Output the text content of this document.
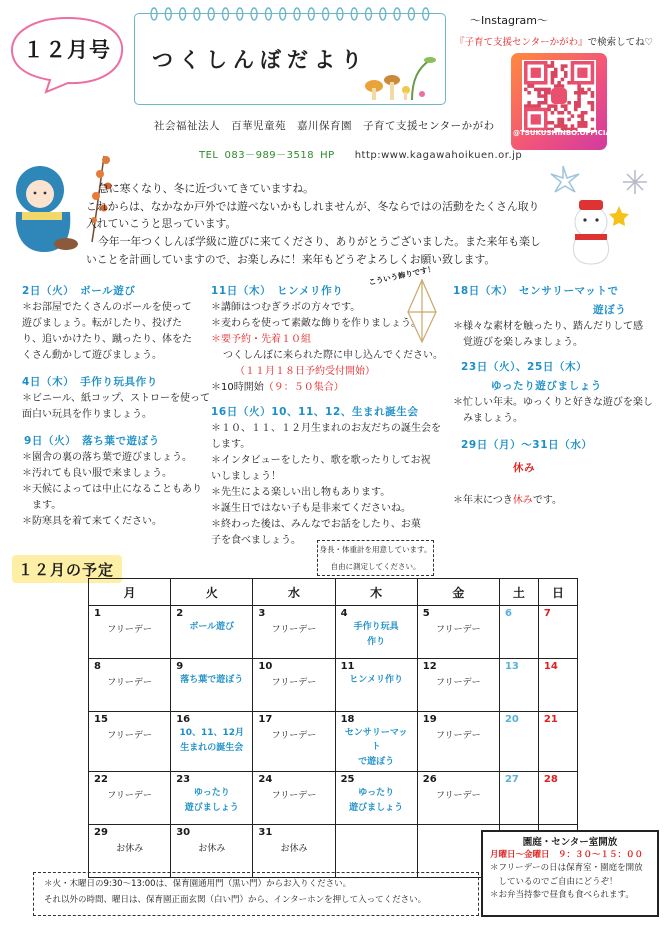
１２月号 つくしんぼだより
～Instagram～
『子育て支援センターかがわ』で検索してね♡
@TSUKUSHINBO.OFFICIAL
社会福祉法人　百華児童苑　嘉川保育園　子育て支援センターかがわ
TEL 083－989－3518 HP http:www.kagawahoikuen.or.jp

急に寒くなり、冬に近づいてきていますね。

これからは、なかなか戸外では遊べないかもしれませんが、冬ならではの活動をたくさん取り

入れていこうと思っています。

今年一年つくしんぼ学級に遊びに来てくださり、ありがとうございました。また来年も楽し

いことを計画していますので、お楽しみに！来年もどうぞよろしくお願い致します。

2日（火）　ボール遊び
＊お部屋でたくさんのボールを使って
遊びましょう。転がしたり、投げた
り、追いかけたり、蹴ったり、体をた
くさん動かして遊びましょう。
4日（木）　手作り玩具作り
＊ビニール、紙コップ、ストローを使って
面白い玩具を作りましょう。
9日（火）　落ち葉で遊ぼう
＊園舎の裏の落ち葉で遊びましょう。
＊汚れても良い服で来ましょう。
＊天候によっては中止になることもあり
　ます。
＊防寒具を着て来てください。
11日（木）　ヒンメリ作り
＊講師はつむぎラボの方々です。
＊麦わらを使って素敵な飾りを作りましょう。
＊要予約・先着１０組
つくしんぼに来られた際に申し込んでください。
（１１月１８日予約受付開始）
＊10時開始（９：５０集合）
16日（火）10、11、12、生まれ誕生会
＊１０、１１、１２月生まれのお友だちの誕生会を
します。
＊インタビューをしたり、歌を歌ったりしてお祝
いしましょう！
＊先生による楽しい出し物もあります。
＊誕生日ではない子も是非来てくださいね。
＊終わった後は、みんなでお話をしたり、お菓
子を食べましょう。
こういう飾りです！
18日（木）　センサリーマットで
遊ぼう
＊様々な素材を触ったり、踏んだりして感
覚遊びを楽しみましょう。
23日（火）、25日（木）
ゆったり遊びましょう
＊忙しい年末。ゆっくりと好きな遊びを楽し
みましょう。
29日（月）～31日（水）
休み
＊年末につき休みです。
１２月の予定
月	火	水	木	金	土	日

1
フリーデー	2
ボール遊び	3
フリーデー	4
手作り玩具
作り	5
フリーデー	6	7

8
フリーデー	9
落ち葉で遊ぼう	10
フリーデー	11
ヒンメリ作り	12
フリーデー	13	14

15
フリーデー	16
10、11、12月
生まれの誕生会	17
フリーデー	18
センサリーマット
で遊ぼう	19
フリーデー	20	21

22
フリーデー	23
ゆったり
遊びましょう	24
フリーデー	25
ゆったり
遊びましょう	26
フリーデー	27	28

29
お休み	30
お休み	31
お休み				

身長・体重計を用意しています。
自由に測定してください。
＊火・木曜日の9:30～13:00は、保育園通用門（黒い門）からお入りください。
それ以外の時間、曜日は、保育園正面玄関（白い門）から、インターホンを押して入ってください。
園庭・センター室開放
月曜日～金曜日　９：３０～１５：００
＊フリーデーの日は保育室・園庭を開放
　しているのでご自由にどうぞ！
＊お弁当持参で昼食も食べられます。
